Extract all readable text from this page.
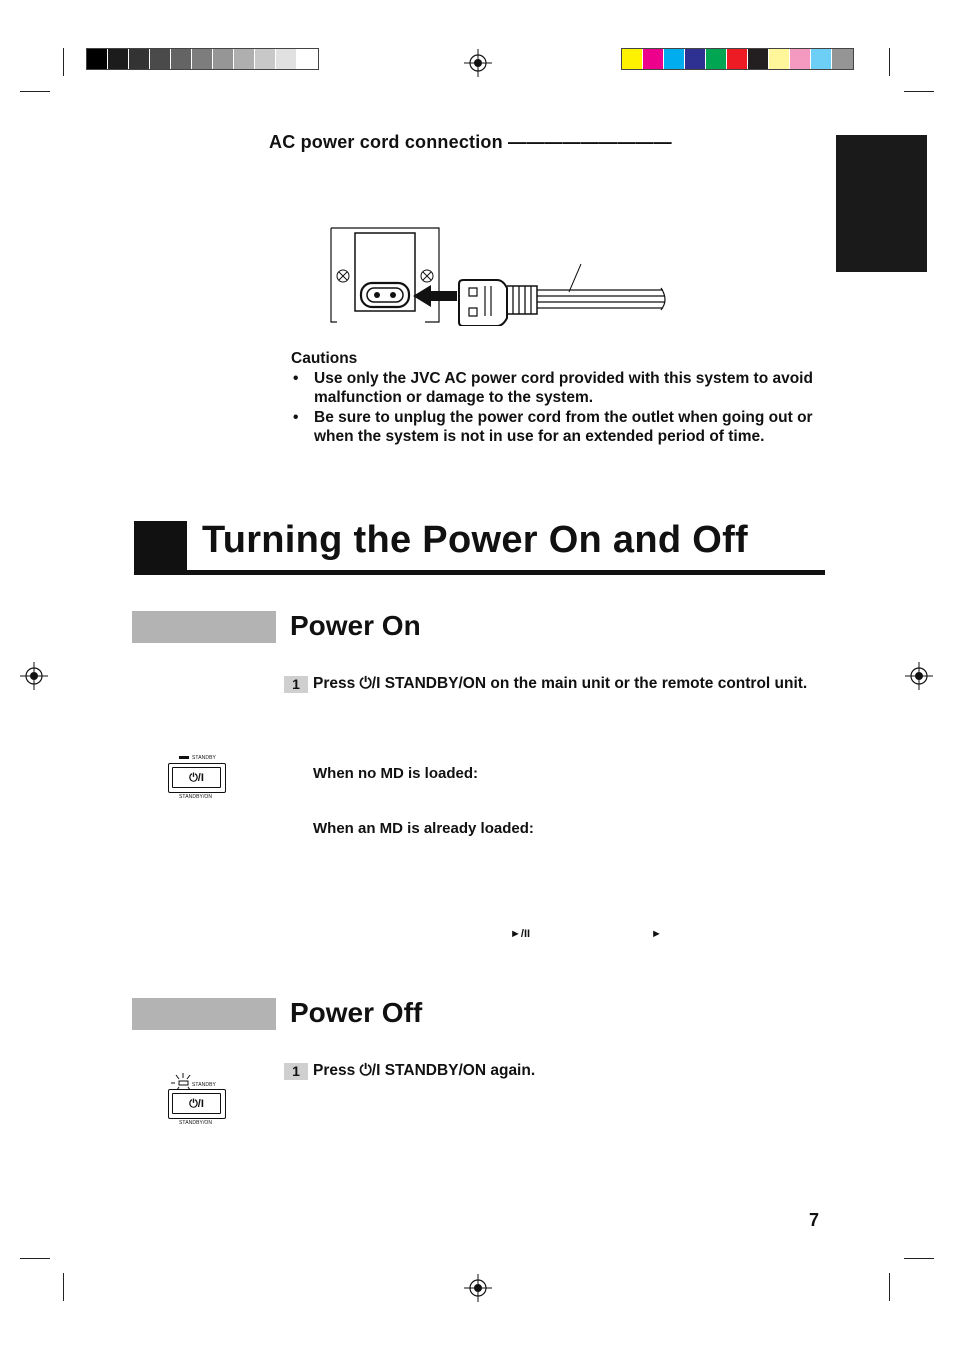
AC power cord connection —————————
Cautions
• Use only the JVC AC power cord provided with this system to avoid malfunction or damage to the system.
• Be sure to unplug the power cord from the outlet when going out or when the system is not in use for an extended period of time.
Turning the Power On and Off
Power On
1 Press ⏻/I STANDBY/ON on the main unit or the remote control unit.
STANDBY
⏻/I
STANDBY/ON
When no MD is loaded:
When an MD is already loaded:
►/II	►
Power Off
1 Press ⏻/I STANDBY/ON again.
STANDBY
⏻/I
STANDBY/ON
7
